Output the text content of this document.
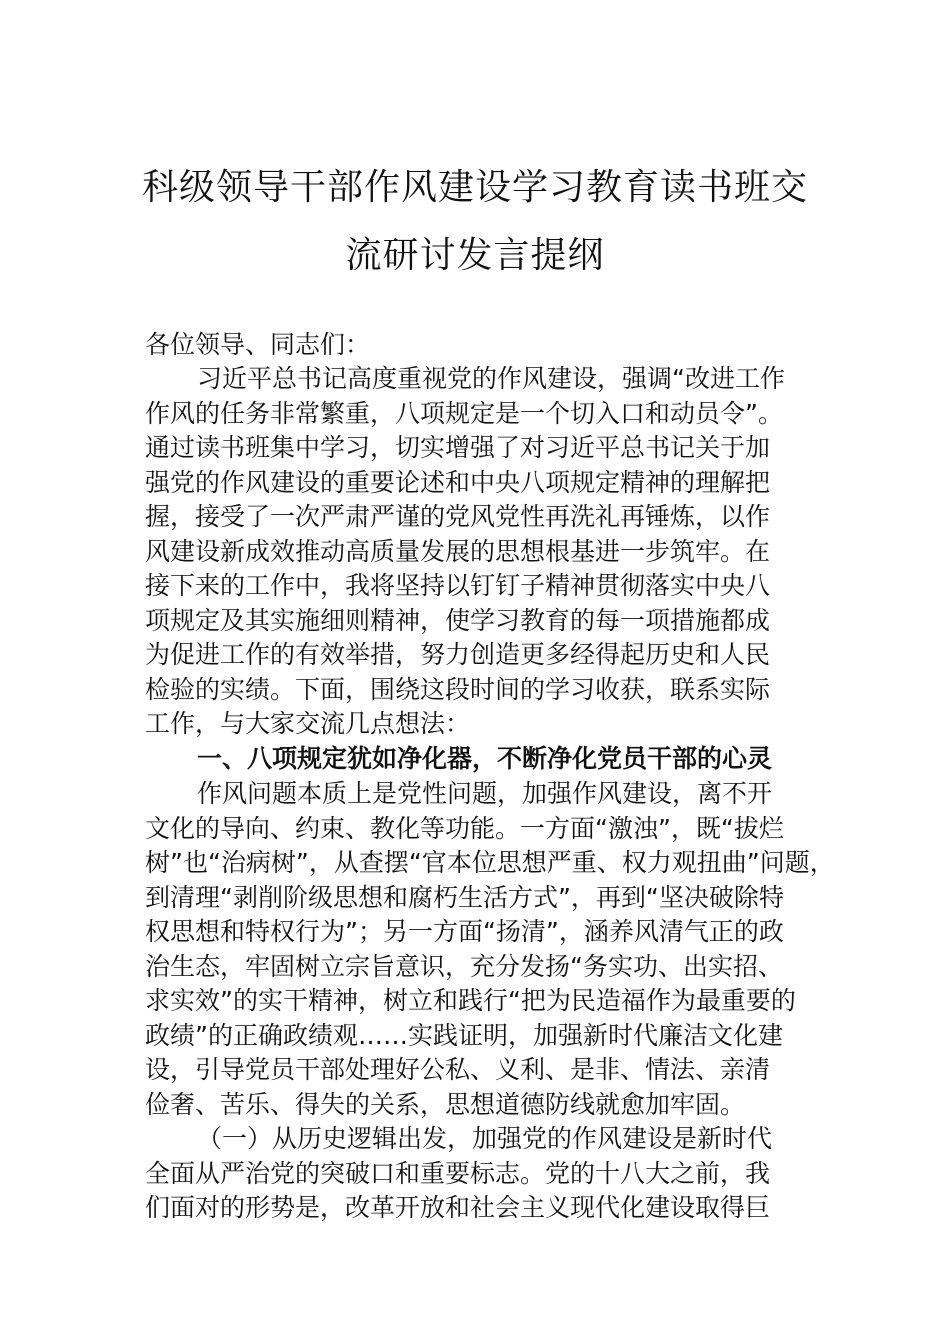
科级领导干部作风建设学习教育读书班交
流研讨发言提纲
各位领导、同志们：
习近平总书记高度重视党的作风建设，强调“改进工作
作风的任务非常繁重，八项规定是一个切入口和动员令”。
通过读书班集中学习，切实增强了对习近平总书记关于加
强党的作风建设的重要论述和中央八项规定精神的理解把
握，接受了一次严肃严谨的党风党性再洗礼再锤炼，以作
风建设新成效推动高质量发展的思想根基进一步筑牢。在
接下来的工作中，我将坚持以钉钉子精神贯彻落实中央八
项规定及其实施细则精神，使学习教育的每一项措施都成
为促进工作的有效举措，努力创造更多经得起历史和人民
检验的实绩。下面，围绕这段时间的学习收获，联系实际
工作，与大家交流几点想法：
一、八项规定犹如净化器，不断净化党员干部的心灵
作风问题本质上是党性问题，加强作风建设，离不开
文化的导向、约束、教化等功能。一方面“激浊”，既“拔烂
树”也“治病树”，从查摆“官本位思想严重、权力观扭曲”问题，
到清理“剥削阶级思想和腐朽生活方式”，再到“坚决破除特
权思想和特权行为”；另一方面“扬清”，涵养风清气正的政
治生态，牢固树立宗旨意识，充分发扬“务实功、出实招、
求实效”的实干精神，树立和践行“把为民造福作为最重要的
政绩”的正确政绩观……实践证明，加强新时代廉洁文化建
设，引导党员干部处理好公私、义利、是非、情法、亲清
俭奢、苦乐、得失的关系，思想道德防线就愈加牢固。
（一）从历史逻辑出发，加强党的作风建设是新时代
全面从严治党的突破口和重要标志。党的十八大之前，我
们面对的形势是，改革开放和社会主义现代化建设取得巨
